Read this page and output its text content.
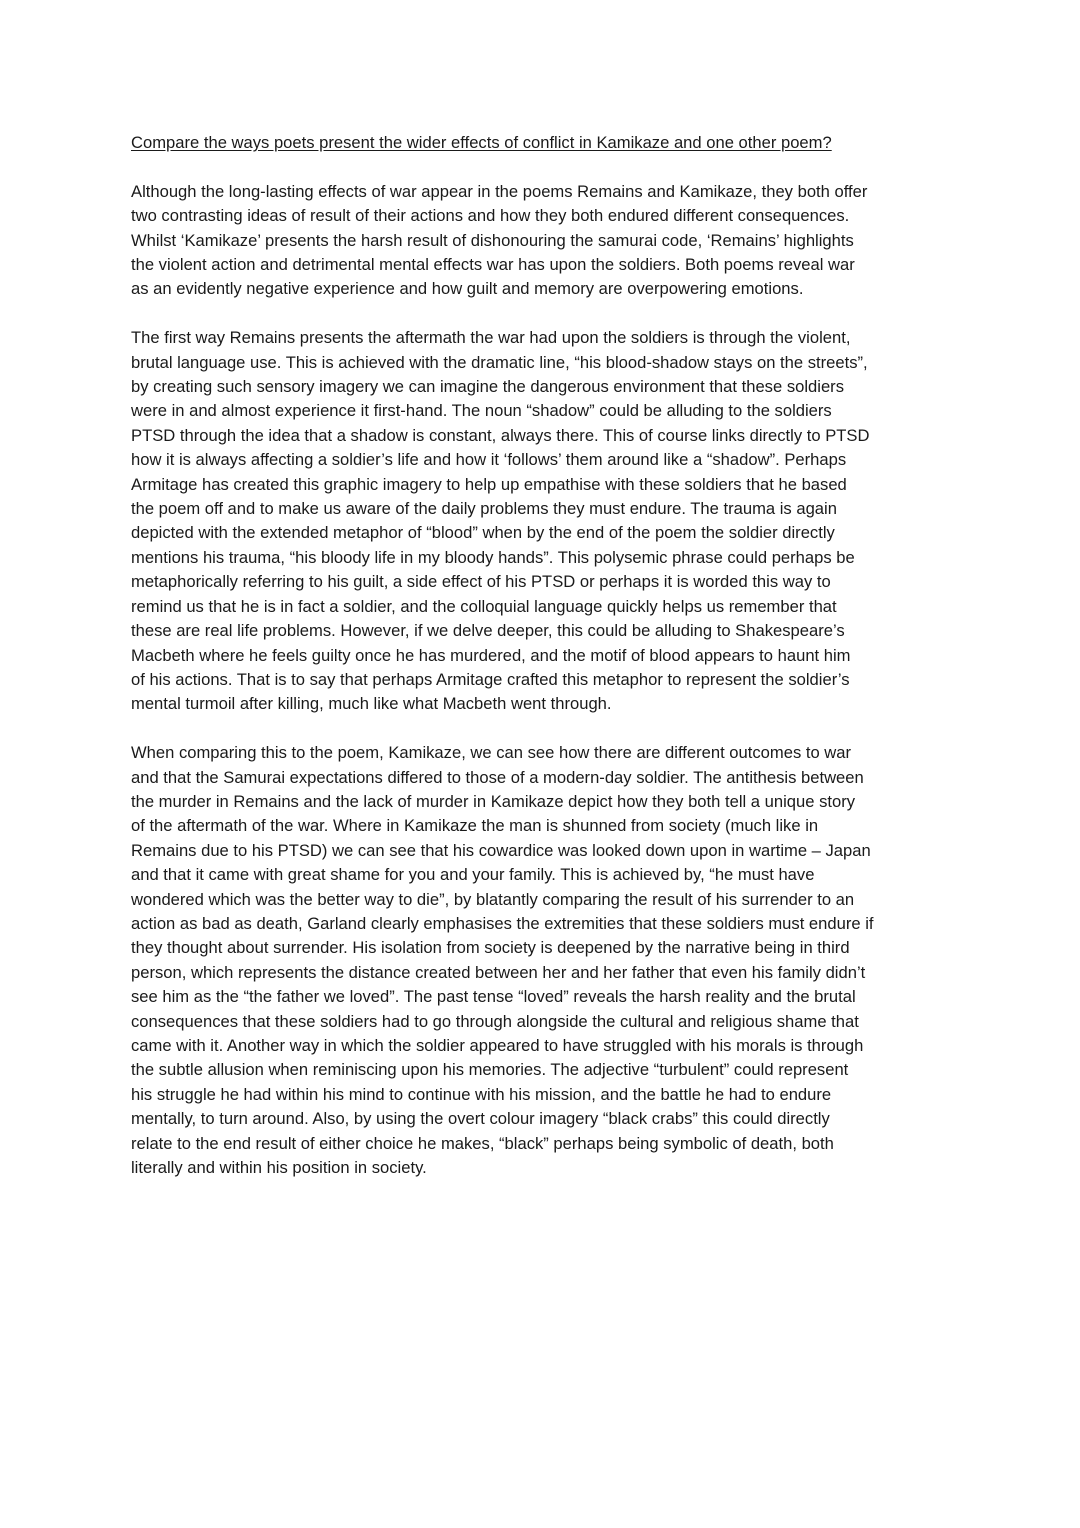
Compare the ways poets present the wider effects of conflict in Kamikaze and one other poem?

Although the long-lasting effects of war appear in the poems Remains and Kamikaze, they both offer
two contrasting ideas of result of their actions and how they both endured different consequences.
Whilst ‘Kamikaze’ presents the harsh result of dishonouring the samurai code, ‘Remains’ highlights
the violent action and detrimental mental effects war has upon the soldiers. Both poems reveal war
as an evidently negative experience and how guilt and memory are overpowering emotions.

The first way Remains presents the aftermath the war had upon the soldiers is through the violent,
brutal language use. This is achieved with the dramatic line, “his blood-shadow stays on the streets”,
by creating such sensory imagery we can imagine the dangerous environment that these soldiers
were in and almost experience it first-hand. The noun “shadow” could be alluding to the soldiers
PTSD through the idea that a shadow is constant, always there. This of course links directly to PTSD
how it is always affecting a soldier’s life and how it ‘follows’ them around like a “shadow”. Perhaps
Armitage has created this graphic imagery to help up empathise with these soldiers that he based
the poem off and to make us aware of the daily problems they must endure. The trauma is again
depicted with the extended metaphor of “blood” when by the end of the poem the soldier directly
mentions his trauma, “his bloody life in my bloody hands”. This polysemic phrase could perhaps be
metaphorically referring to his guilt, a side effect of his PTSD or perhaps it is worded this way to
remind us that he is in fact a soldier, and the colloquial language quickly helps us remember that
these are real life problems. However, if we delve deeper, this could be alluding to Shakespeare’s
Macbeth where he feels guilty once he has murdered, and the motif of blood appears to haunt him
of his actions. That is to say that perhaps Armitage crafted this metaphor to represent the soldier’s
mental turmoil after killing, much like what Macbeth went through.

When comparing this to the poem, Kamikaze, we can see how there are different outcomes to war
and that the Samurai expectations differed to those of a modern-day soldier. The antithesis between
the murder in Remains and the lack of murder in Kamikaze depict how they both tell a unique story
of the aftermath of the war. Where in Kamikaze the man is shunned from society (much like in
Remains due to his PTSD) we can see that his cowardice was looked down upon in wartime – Japan
and that it came with great shame for you and your family. This is achieved by, “he must have
wondered which was the better way to die”, by blatantly comparing the result of his surrender to an
action as bad as death, Garland clearly emphasises the extremities that these soldiers must endure if
they thought about surrender. His isolation from society is deepened by the narrative being in third
person, which represents the distance created between her and her father that even his family didn’t
see him as the “the father we loved”. The past tense “loved” reveals the harsh reality and the brutal
consequences that these soldiers had to go through alongside the cultural and religious shame that
came with it. Another way in which the soldier appeared to have struggled with his morals is through
the subtle allusion when reminiscing upon his memories. The adjective “turbulent” could represent
his struggle he had within his mind to continue with his mission, and the battle he had to endure
mentally, to turn around. Also, by using the overt colour imagery “black crabs” this could directly
relate to the end result of either choice he makes, “black” perhaps being symbolic of death, both
literally and within his position in society.
